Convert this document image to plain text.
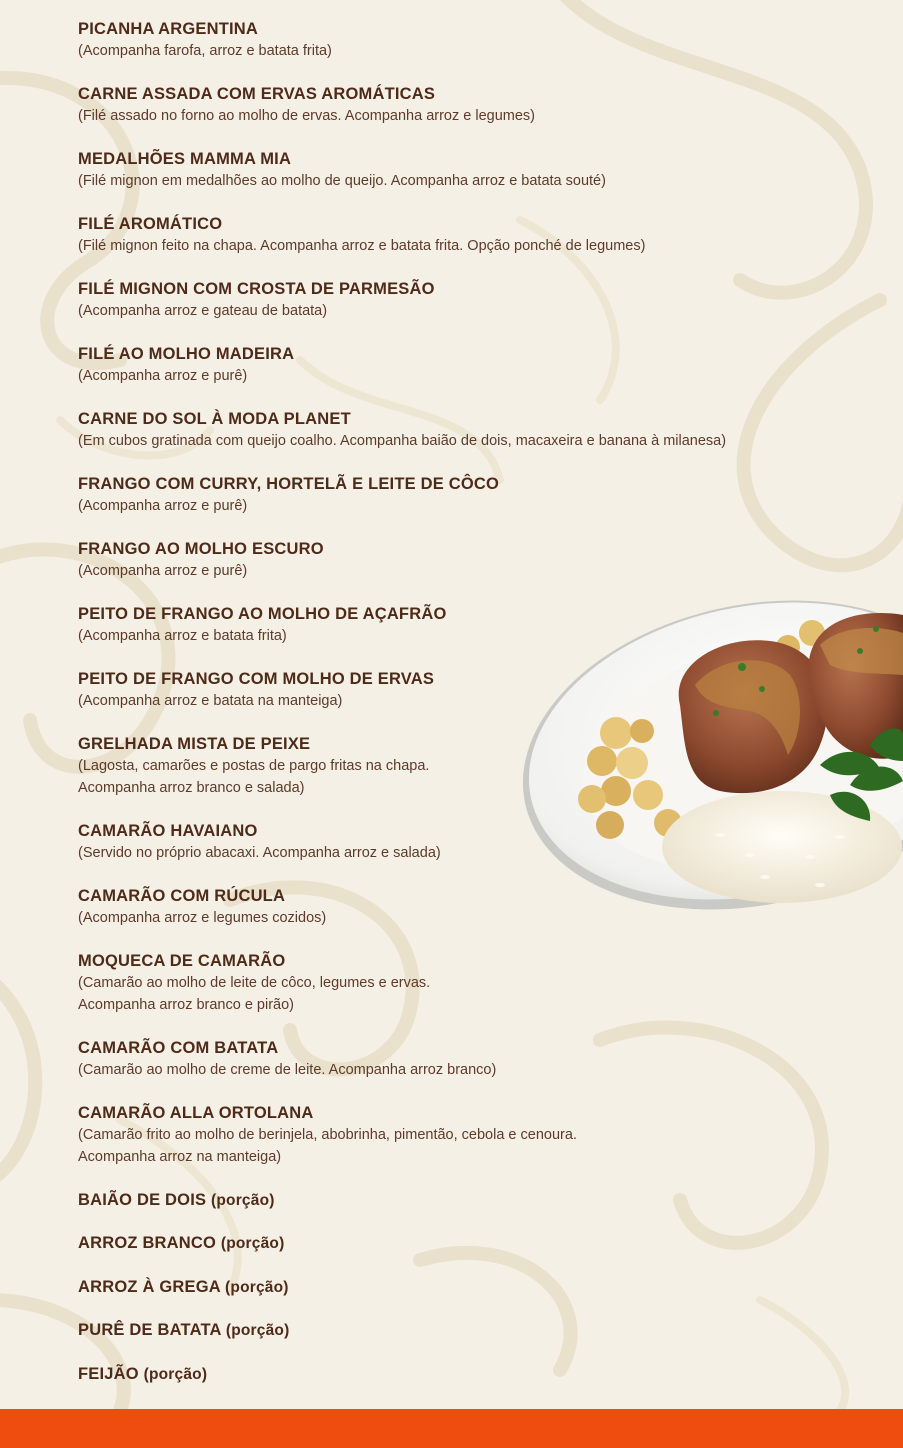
PICANHA ARGENTINA
(Acompanha farofa, arroz e batata frita)
CARNE ASSADA COM ERVAS AROMÁTICAS
(Filé assado no forno ao molho de ervas. Acompanha arroz e legumes)
MEDALHÕES MAMMA MIA
(Filé mignon em medalhões ao molho de queijo. Acompanha arroz e batata souté)
FILÉ AROMÁTICO
(Filé mignon feito na chapa. Acompanha arroz e batata frita. Opção ponché de legumes)
FILÉ MIGNON COM CROSTA DE PARMESÃO
(Acompanha arroz e gateau de batata)
FILÉ AO MOLHO MADEIRA
(Acompanha arroz e purê)
CARNE DO SOL À MODA PLANET
(Em cubos gratinada com queijo coalho. Acompanha baião de dois, macaxeira e banana à milanesa)
FRANGO COM CURRY, HORTELÃ E LEITE DE CÔCO
(Acompanha arroz e purê)
FRANGO AO MOLHO ESCURO
(Acompanha arroz e purê)
PEITO DE FRANGO AO MOLHO DE AÇAFRÃO
(Acompanha arroz e batata frita)
PEITO DE FRANGO COM MOLHO DE ERVAS
(Acompanha arroz e batata na manteiga)
GRELHADA MISTA DE PEIXE
(Lagosta, camarões e postas de pargo fritas na chapa.
Acompanha arroz branco e salada)
CAMARÃO HAVAIANO
(Servido no próprio abacaxi. Acompanha arroz e salada)
CAMARÃO COM RÚCULA
(Acompanha arroz e legumes cozidos)
MOQUECA DE CAMARÃO
(Camarão ao molho de leite de côco, legumes e ervas.
Acompanha arroz branco e pirão)
CAMARÃO COM BATATA
(Camarão ao molho de creme de leite. Acompanha arroz branco)
CAMARÃO ALLA ORTOLANA
(Camarão frito ao molho de berinjela, abobrinha, pimentão, cebola e cenoura.
Acompanha arroz na manteiga)
BAIÃO DE DOIS (porção)
ARROZ BRANCO (porção)
ARROZ À GREGA (porção)
PURÊ DE BATATA (porção)
FEIJÃO (porção)
